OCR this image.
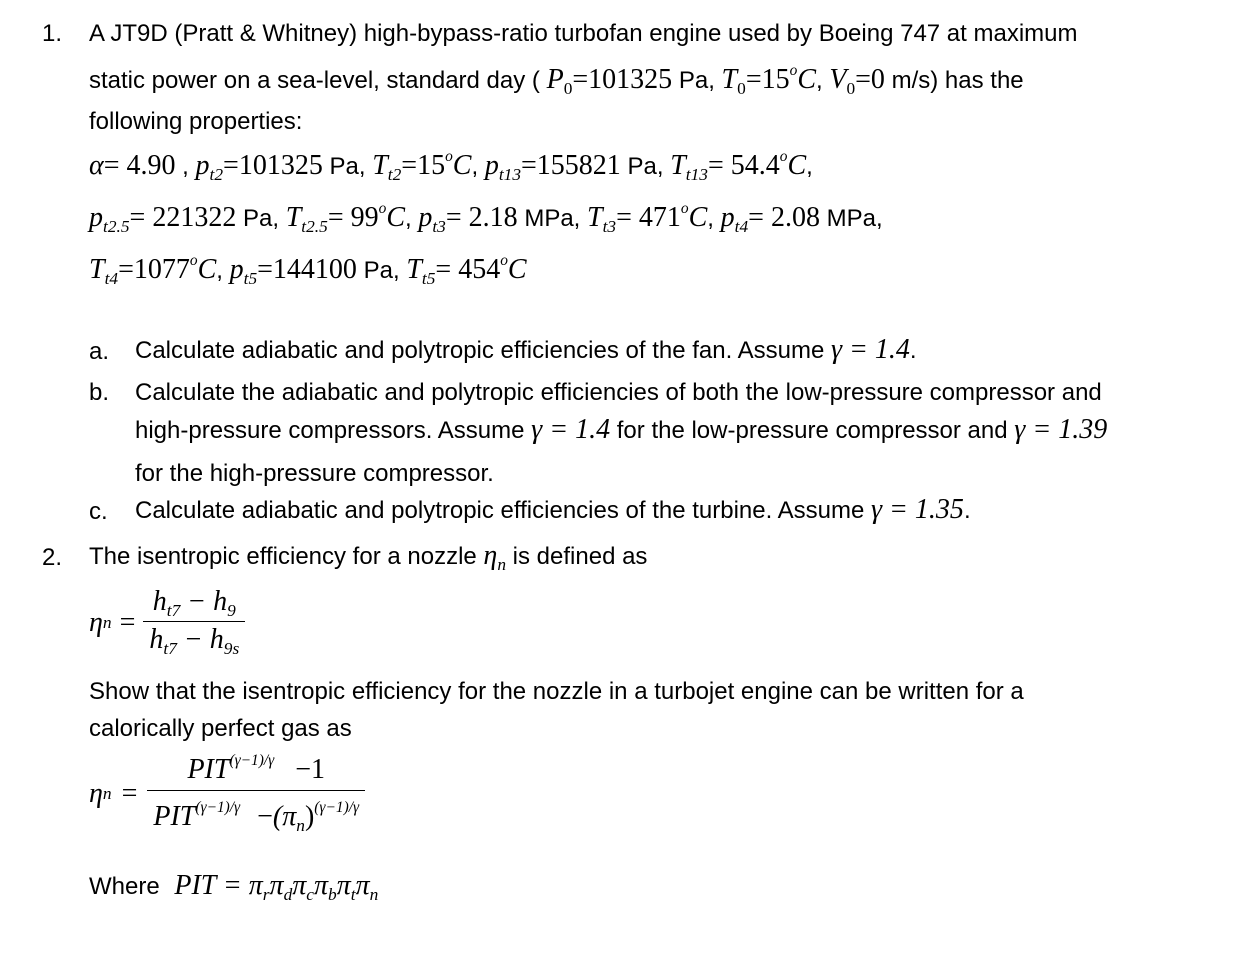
1. A JT9D (Pratt & Whitney) high-bypass-ratio turbofan engine used by Boeing 747 at maximum
static power on a sea-level, standard day ( $P_0=101325$ Pa, $T_0=15^oC$, $V_0=0$ m/s) has the
following properties:
α= 4.90 , $p_{t2}=101325$ Pa, $T_{t2}=15^oC$, $p_{t13}=155821$ Pa, $T_{t13}= 54.4^oC$,
$p_{t2.5}= 221322$ Pa, $T_{t2.5}= 99^oC$, $p_{t3}= 2.18$ MPa, $T_{t3}= 471^oC$, $p_{t4}= 2.08$ MPa,
$T_{t4}=1077^oC$, $p_{t5}=144100$ Pa, $T_{t5}= 454^oC$
a. Calculate adiabatic and polytropic efficiencies of the fan. Assume γ = 1.4.
b. Calculate the adiabatic and polytropic efficiencies of both the low-pressure compressor and
high-pressure compressors. Assume γ = 1.4 for the low-pressure compressor and γ = 1.39
for the high-pressure compressor.
c. Calculate adiabatic and polytropic efficiencies of the turbine. Assume γ = 1.35.
2. The isentropic efficiency for a nozzle $\eta_n$ is defined as
η $n = \frac{h_{t7} - h_9}{h_{t7} - h_{9s}}$
Show that the isentropic efficiency for the nozzle in a turbojet engine can be written for a
calorically perfect gas as
η $n = \frac{PIT^{(\gamma-1)/\gamma} -1}{PIT^{(\gamma-1)/\gamma} -(\pi_n)^{(\gamma-1)/\gamma}}$
Where PIT = $\pi_r\pi_d\pi_c\pi_b\pi_t\pi_n$
